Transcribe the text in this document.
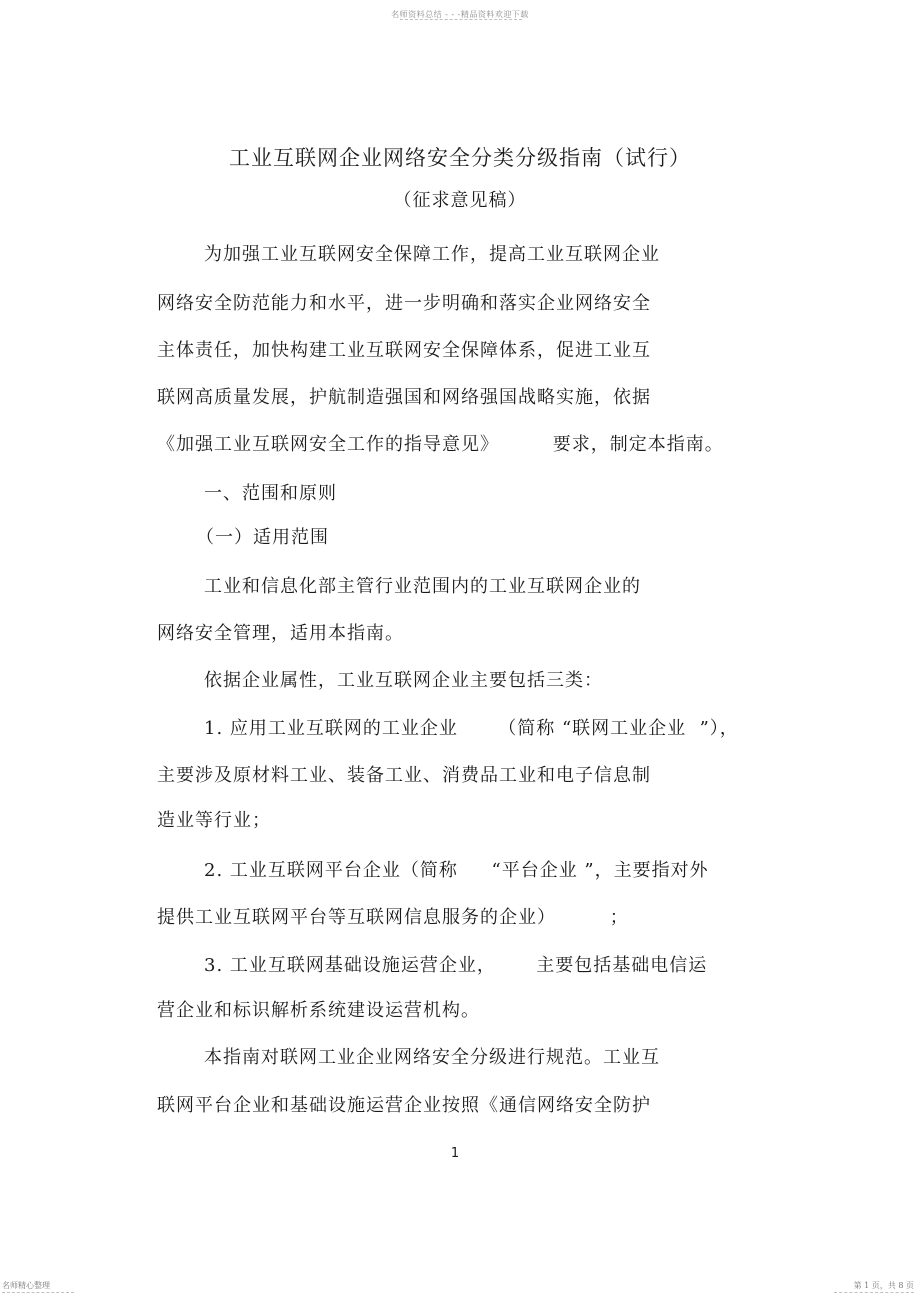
名师资料总结 - - -精品资料欢迎下载
工业互联网企业网络安全分类分级指南（试行）
（征求意见稿）
为加强工业互联网安全保障工作，提高工业互联网企业
网络安全防范能力和水平，进一步明确和落实企业网络安全
主体责任，加快构建工业互联网安全保障体系，促进工业互
联网高质量发展，护航制造强国和网络强国战略实施，依据
《加强工业互联网安全工作的指导意见》        要求，制定本指南。
一、范围和原则
（一）适用范围
工业和信息化部主管行业范围内的工业互联网企业的
网络安全管理，适用本指南。
依据企业属性，工业互联网企业主要包括三类：
1. 应用工业互联网的工业企业      （简称 “联网工业企业  ”），
主要涉及原材料工业、装备工业、消费品工业和电子信息制
造业等行业；
2. 工业互联网平台企业（简称     “平台企业 ”，主要指对外
提供工业互联网平台等互联网信息服务的企业）        ；
3. 工业互联网基础设施运营企业，      主要包括基础电信运
营企业和标识解析系统建设运营机构。
本指南对联网工业企业网络安全分级进行规范。工业互
联网平台企业和基础设施运营企业按照《通信网络安全防护
1
名师精心整理	第 1 页，共 8 页
